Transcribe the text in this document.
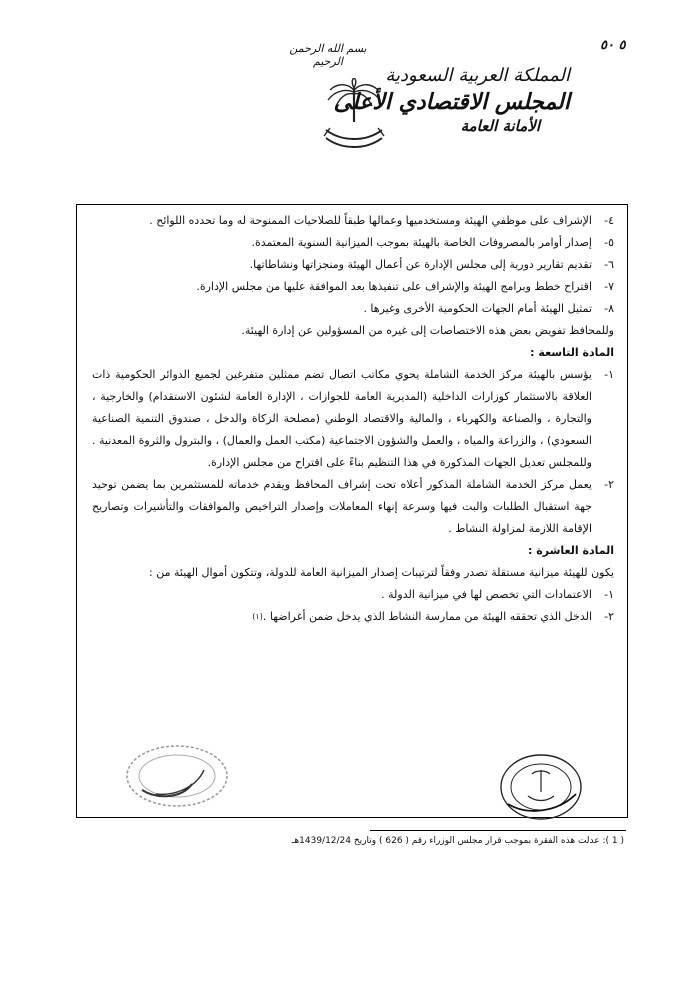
بسم الله الرحمن الرحيم
٥ ٥٠
المملكة العربية السعودية
المجلس الاقتصادي الأعلى
الأمانة العامة

٤-
الإشراف على موظفي الهيئة ومستخدميها وعمالها طبقاً للصلاحيات الممنوحة له وما تحدده اللوائح .

٥-
إصدار أوامر بالمصروفات الخاصة بالهيئة بموجب الميزانية السنوية المعتمدة.

٦-
تقديم تقارير دورية إلى مجلس الإدارة عن أعمال الهيئة ومنجزاتها ونشاطاتها.

٧-
اقتراح خطط وبرامج الهيئة والإشراف على تنفيذها بعد الموافقة عليها من مجلس الإدارة.

٨-
تمثيل الهيئة أمام الجهات الحكومية الأخرى وغيرها .

وللمحافظ تفويض بعض هذه الاختصاصات إلى غيره من المسؤولين عن إدارة الهيئة.

المادة التاسعة :

١-
يؤسس بالهيئة مركز الخدمة الشاملة يحوي مكاتب اتصال تضم ممثلين متفرغين لجميع الدوائر الحكومية ذات العلاقة بالاستثمار كوزارات الداخلية (المديرية العامة للجوازات ، الإدارة العامة لشئون الاستقدام) والخارجية ، والتجارة ، والصناعة والكهرباء ، والمالية والاقتصاد الوطني (مصلحة الزكاة والدخل ، صندوق التنمية الصناعية السعودي) ، والزراعة والمياه ، والعمل والشؤون الاجتماعية (مكتب العمل والعمال) ، والبترول والثروة المعدنية . وللمجلس تعديل الجهات المذكورة في هذا التنظيم بناءً على اقتراح من مجلس الإدارة.

٢-
يعمل مركز الخدمة الشاملة المذكور أعلاه تحت إشراف المحافظ ويقدم خدماته للمستثمرين بما يضمن توحيد جهة استقبال الطلبات والبت فيها وسرعة إنهاء المعاملات وإصدار التراخيص والموافقات والتأشيرات وتصاريح الإقامة اللازمة لمزاولة النشاط .

المادة العاشرة :

يكون للهيئة ميزانية مستقلة تصدر وفقاً لترتيبات إصدار الميزانية العامة للدولة، وتتكون أموال الهيئة من :

١-
الاعتمادات التي تخصص لها في ميزانية الدولة .

٢-
الدخل الذي تحققه الهيئة من ممارسة النشاط الذي يدخل ضمن أغراضها .
(١)

( 1 ): عدلت هذه الفقرة بموجب قرار مجلس الوزراء رقم ( 626 ) وتاريخ 1439/12/24هـ
